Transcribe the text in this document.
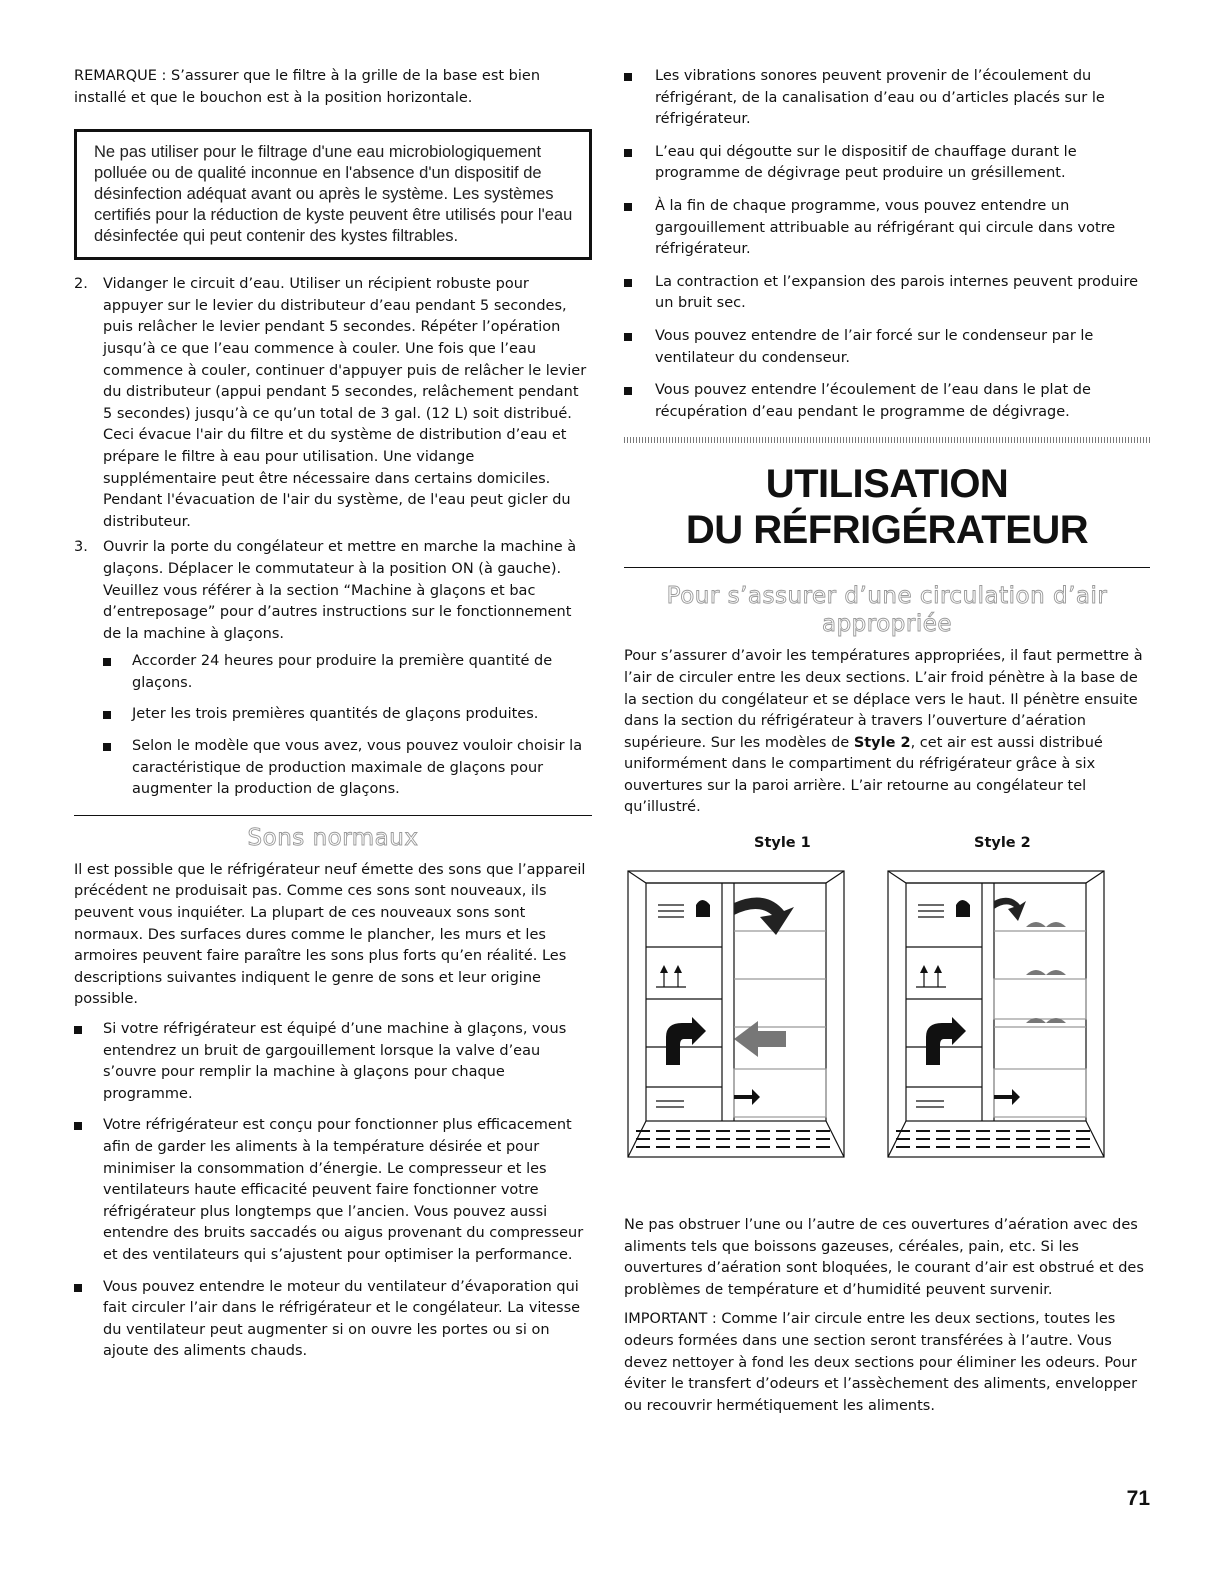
REMARQUE : S’assurer que le filtre à la grille de la base est bien installé et que le bouchon est à la position horizontale.

Ne pas utiliser pour le filtrage d'une eau microbiologiquement polluée ou de qualité inconnue en l'absence d'un dispositif de désinfection adéquat avant ou après le système. Les systèmes certifiés pour la réduction de kyste peuvent être utilisés pour l'eau désinfectée qui peut contenir des kystes filtrables.
2. Vidanger le circuit d’eau. Utiliser un récipient robuste pour appuyer sur le levier du distributeur d’eau pendant 5 secondes, puis relâcher le levier pendant 5 secondes. Répéter l’opération jusqu’à ce que l’eau commence à couler. Une fois que l’eau commence à couler, continuer d'appuyer puis de relâcher le levier du distributeur (appui pendant 5 secondes, relâchement pendant 5 secondes) jusqu’à ce qu’un total de 3 gal. (12 L) soit distribué. Ceci évacue l'air du filtre et du système de distribution d’eau et prépare le filtre à eau pour utilisation. Une vidange supplémentaire peut être nécessaire dans certains domiciles. Pendant l'évacuation de l'air du système, de l'eau peut gicler du distributeur.
3. Ouvrir la porte du congélateur et mettre en marche la machine à glaçons. Déplacer le commutateur à la position ON (à gauche). Veuillez vous référer à la section “Machine à glaçons et bac d’entreposage” pour d’autres instructions sur le fonctionnement de la machine à glaçons.
Accorder 24 heures pour produire la première quantité de glaçons.
Jeter les trois premières quantités de glaçons produites.
Selon le modèle que vous avez, vous pouvez vouloir choisir la caractéristique de production maximale de glaçons pour augmenter la production de glaçons.
Sons normaux

Il est possible que le réfrigérateur neuf émette des sons que l’appareil précédent ne produisait pas. Comme ces sons sont nouveaux, ils peuvent vous inquiéter. La plupart de ces nouveaux sons sont normaux. Des surfaces dures comme le plancher, les murs et les armoires peuvent faire paraître les sons plus forts qu’en réalité. Les descriptions suivantes indiquent le genre de sons et leur origine possible.

Si votre réfrigérateur est équipé d’une machine à glaçons, vous entendrez un bruit de gargouillement lorsque la valve d’eau s’ouvre pour remplir la machine à glaçons pour chaque programme.
Votre réfrigérateur est conçu pour fonctionner plus efficacement afin de garder les aliments à la température désirée et pour minimiser la consommation d’énergie. Le compresseur et les ventilateurs haute efficacité peuvent faire fonctionner votre réfrigérateur plus longtemps que l’ancien. Vous pouvez aussi entendre des bruits saccadés ou aigus provenant du compresseur et des ventilateurs qui s’ajustent pour optimiser la performance.
Vous pouvez entendre le moteur du ventilateur d’évaporation qui fait circuler l’air dans le réfrigérateur et le congélateur. La vitesse du ventilateur peut augmenter si on ouvre les portes ou si on ajoute des aliments chauds.
Les vibrations sonores peuvent provenir de l’écoulement du réfrigérant, de la canalisation d’eau ou d’articles placés sur le réfrigérateur.
L’eau qui dégoutte sur le dispositif de chauffage durant le programme de dégivrage peut produire un grésillement.
À la fin de chaque programme, vous pouvez entendre un gargouillement attribuable au réfrigérant qui circule dans votre réfrigérateur.
La contraction et l’expansion des parois internes peuvent produire un bruit sec.
Vous pouvez entendre de l’air forcé sur le condenseur par le ventilateur du condenseur.
Vous pouvez entendre l’écoulement de l’eau dans le plat de récupération d’eau pendant le programme de dégivrage.
UTILISATION
DU RÉFRIGÉRATEUR
Pour s’assurer d’une circulation d’air appropriée

Pour s’assurer d’avoir les températures appropriées, il faut permettre à l’air de circuler entre les deux sections. L’air froid pénètre à la base de la section du congélateur et se déplace vers le haut. Il pénètre ensuite dans la section du réfrigérateur à travers l’ouverture d’aération supérieure. Sur les modèles de Style 2, cet air est aussi distribué uniformément dans le compartiment du réfrigérateur grâce à six ouvertures sur la paroi arrière. L’air retourne au congélateur tel qu’illustré.

Style 1	Style 2

Ne pas obstruer l’une ou l’autre de ces ouvertures d’aération avec des aliments tels que boissons gazeuses, céréales, pain, etc. Si les ouvertures d’aération sont bloquées, le courant d’air est obstrué et des problèmes de température et d’humidité peuvent survenir.

IMPORTANT : Comme l’air circule entre les deux sections, toutes les odeurs formées dans une section seront transférées à l’autre. Vous devez nettoyer à fond les deux sections pour éliminer les odeurs. Pour éviter le transfert d’odeurs et l’assèchement des aliments, envelopper ou recouvrir hermétiquement les aliments.

71
